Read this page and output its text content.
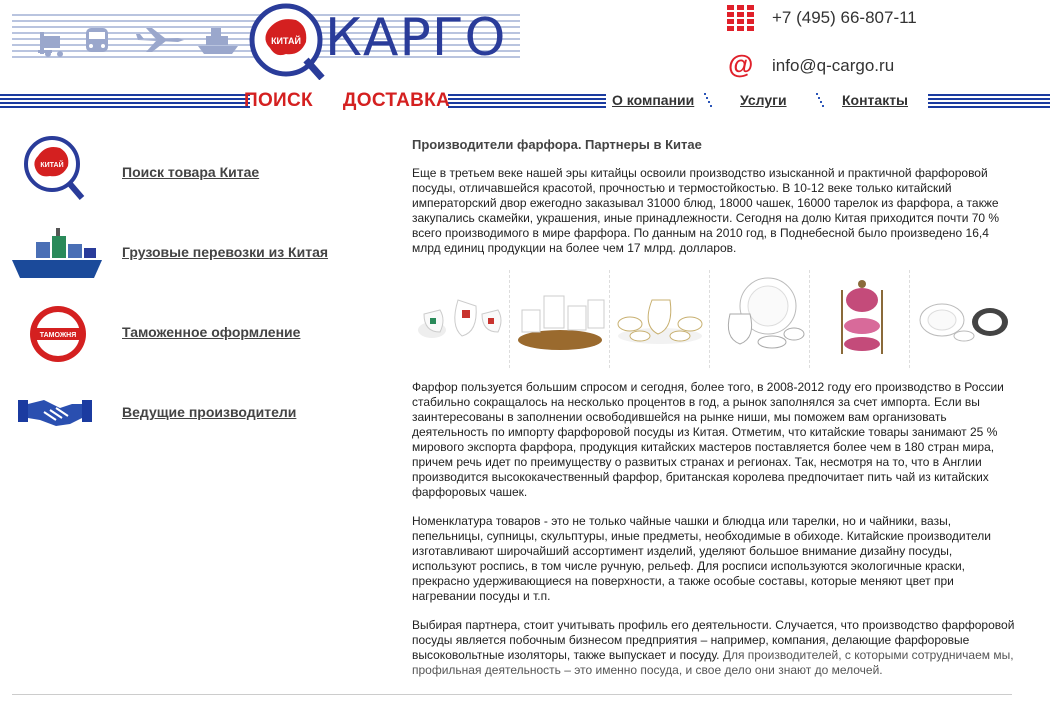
КИТАЙ КАРГО	+7 (495) 66-807-11
@ info@q-cargo.ru
ПОИСК ДОСТАВКА	О компании	Услуги	Контакты
КИТАЙ	Поиск товара Китае
Грузовые перевозки из Китая
ТАМОЖНЯ	Таможенное оформление
Ведущие производители
Производители фарфора. Партнеры в Китае

Еще в третьем веке нашей эры китайцы освоили производство изысканной и практичной фарфоровой посуды, отличавшейся красотой, прочностью и термостойкостью. В 10-12 веке только китайский императорский двор ежегодно заказывал 31000 блюд, 18000 чашек, 16000 тарелок из фарфора, а также закупались скамейки, украшения, иные принадлежности. Сегодня на долю Китая приходится почти 70 % всего производимого в мире фарфора. По данным на 2010 год, в Поднебесной было произведено 16,4 млрд единиц продукции на более чем 17 млрд. долларов.

Фарфор пользуется большим спросом и сегодня, более того, в 2008-2012 году его производство в России стабильно сокращалось на несколько процентов в год, а рынок заполнялся за счет импорта. Если вы заинтересованы в заполнении освободившейся на рынке ниши, мы поможем вам организовать деятельность по импорту фарфоровой посуды из Китая. Отметим, что китайские товары занимают 25 % мирового экспорта фарфора, продукция китайских мастеров поставляется более чем в 180 стран мира, причем речь идет по преимуществу о развитых странах и регионах. Так, несмотря на то, что в Англии производится высококачественный фарфор, британская королева предпочитает пить чай из китайских фарфоровых чашек.

Номенклатура товаров - это не только чайные чашки и блюдца или тарелки, но и чайники, вазы, пепельницы, супницы, скульптуры, иные предметы, необходимые в обиходе. Китайские производители изготавливают широчайший ассортимент изделий, уделяют большое внимание дизайну посуды, используют роспись, в том числе ручную, рельеф. Для росписи используются экологичные краски, прекрасно удерживающиеся на поверхности, а также особые составы, которые меняют цвет при нагревании посуды и т.п.

Выбирая партнера, стоит учитывать профиль его деятельности. Случается, что производство фарфоровой посуды является побочным бизнесом предприятия – например, компания, делающие фарфоровые высоковольтные изоляторы, также выпускает и посуду. Для производителей, с которыми сотрудничаем мы, профильная деятельность – это именно посуда, и свое дело они знают до мелочей.
